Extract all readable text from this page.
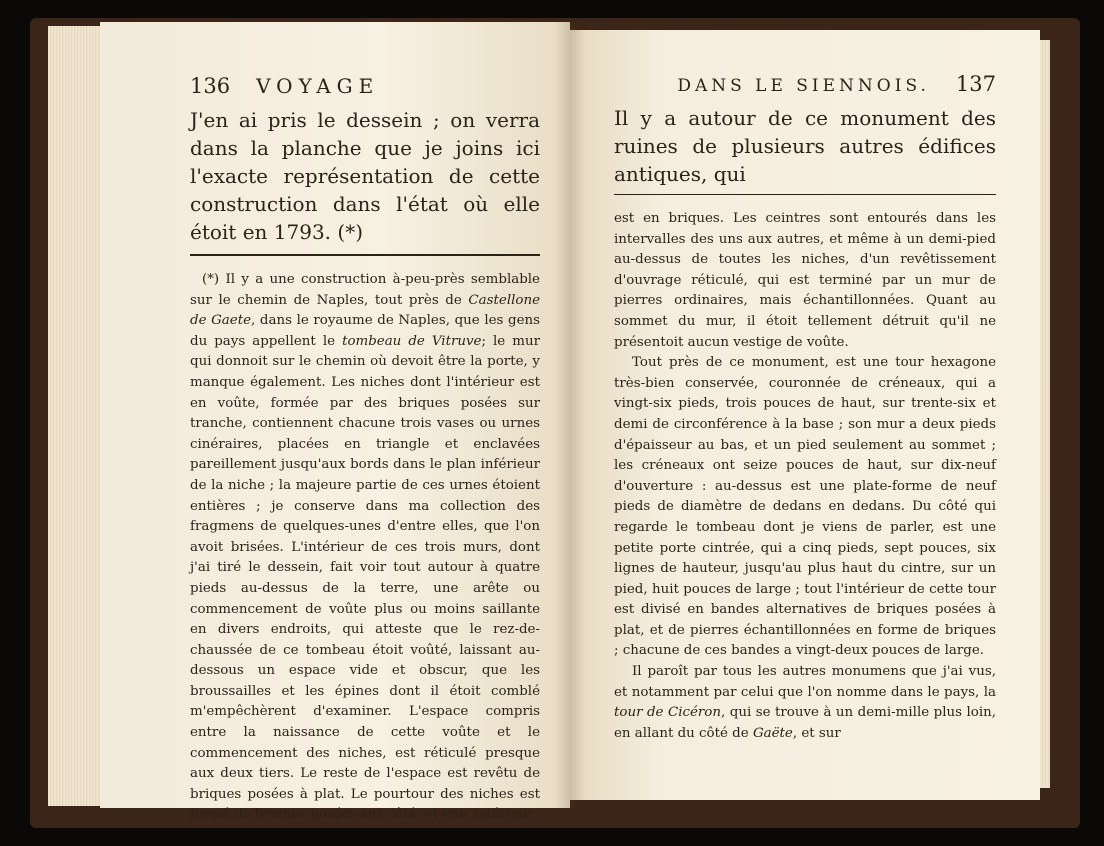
136 VOYAGE

J'en ai pris le dessein ; on verra dans la planche que je joins ici l'exacte représentation de cette construction dans l'état où elle étoit en 1793. (*)

(*) Il y a une construction à-peu-près semblable sur le chemin de Naples, tout près de Castellone de Gaete, dans le royaume de Naples, que les gens du pays appellent le tombeau de Vitruve; le mur qui donnoit sur le chemin où devoit être la porte, y manque également. Les niches dont l'intérieur est en voûte, formée par des briques posées sur tranche, contiennent chacune trois vases ou urnes cinéraires, placées en triangle et enclavées pareillement jusqu'aux bords dans le plan inférieur de la niche ; la majeure partie de ces urnes étoient entières ; je conserve dans ma collection des fragmens de quelques-unes d'entre elles, que l'on avoit brisées. L'intérieur de ces trois murs, dont j'ai tiré le dessein, fait voir tout autour à quatre pieds au-dessus de la terre, une arête ou commencement de voûte plus ou moins saillante en divers endroits, qui atteste que le rez-de-chaussée de ce tombeau étoit voûté, laissant au-dessous un espace vide et obscur, que les broussailles et les épines dont il étoit comblé m'empêchèrent d'examiner. L'espace compris entre la naissance de cette voûte et le commencement des niches, est réticulé presque aux deux tiers. Le reste de l'espace est revêtu de briques posées à plat. Le pourtour des niches est formé de briques posées sur côté, et leur intérieur

DANS LE SIENNOIS. 137

Il y a autour de ce monument des ruines de plusieurs autres édifices antiques, qui

est en briques. Les ceintres sont entourés dans les intervalles des uns aux autres, et même à un demi-pied au-dessus de toutes les niches, d'un revêtissement d'ouvrage réticulé, qui est terminé par un mur de pierres ordinaires, mais échantillonnées. Quant au sommet du mur, il étoit tellement détruit qu'il ne présentoit aucun vestige de voûte.

Tout près de ce monument, est une tour hexagone très-bien conservée, couronnée de créneaux, qui a vingt-six pieds, trois pouces de haut, sur trente-six et demi de circonférence à la base ; son mur a deux pieds d'épaisseur au bas, et un pied seulement au sommet ; les créneaux ont seize pouces de haut, sur dix-neuf d'ouverture : au-dessus est une plate-forme de neuf pieds de diamètre de dedans en dedans. Du côté qui regarde le tombeau dont je viens de parler, est une petite porte cintrée, qui a cinq pieds, sept pouces, six lignes de hauteur, jusqu'au plus haut du cintre, sur un pied, huit pouces de large ; tout l'intérieur de cette tour est divisé en bandes alternatives de briques posées à plat, et de pierres échantillonnées en forme de briques ; chacune de ces bandes a vingt-deux pouces de large.

Il paroît par tous les autres monumens que j'ai vus, et notamment par celui que l'on nomme dans le pays, la tour de Cicéron, qui se trouve à un demi-mille plus loin, en allant du côté de Gaëte, et sur
